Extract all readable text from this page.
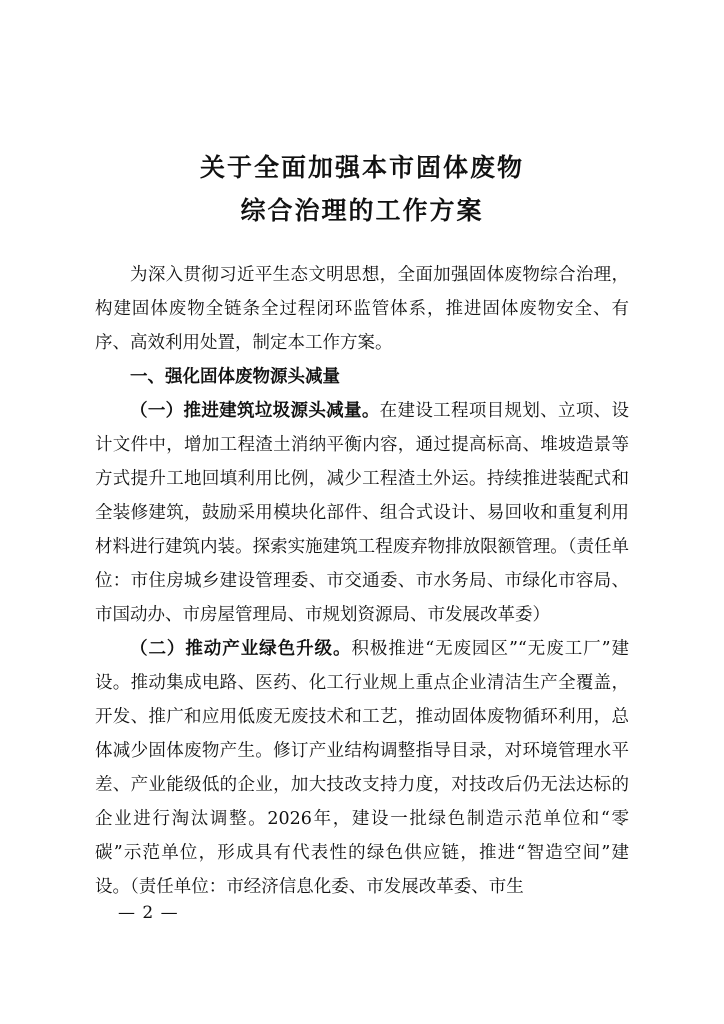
关于全面加强本市固体废物
综合治理的工作方案

为深入贯彻习近平生态文明思想，全面加强固体废物综合治理，构建固体废物全链条全过程闭环监管体系，推进固体废物安全、有序、高效利用处置，制定本工作方案。

一、强化固体废物源头减量

（一）推进建筑垃圾源头减量。在建设工程项目规划、立项、设计文件中，增加工程渣土消纳平衡内容，通过提高标高、堆坡造景等方式提升工地回填利用比例，减少工程渣土外运。持续推进装配式和全装修建筑，鼓励采用模块化部件、组合式设计、易回收和重复利用材料进行建筑内装。探索实施建筑工程废弃物排放限额管理。（责任单位：市住房城乡建设管理委、市交通委、市水务局、市绿化市容局、市国动办、市房屋管理局、市规划资源局、市发展改革委）

（二）推动产业绿色升级。积极推进“无废园区”“无废工厂”建设。推动集成电路、医药、化工行业规上重点企业清洁生产全覆盖，开发、推广和应用低废无废技术和工艺，推动固体废物循环利用，总体减少固体废物产生。修订产业结构调整指导目录，对环境管理水平差、产业能级低的企业，加大技改支持力度，对技改后仍无法达标的企业进行淘汰调整。2026年，建设一批绿色制造示范单位和“零碳”示范单位，形成具有代表性的绿色供应链，推进“智造空间”建设。（责任单位：市经济信息化委、市发展改革委、市生

— 2 —
